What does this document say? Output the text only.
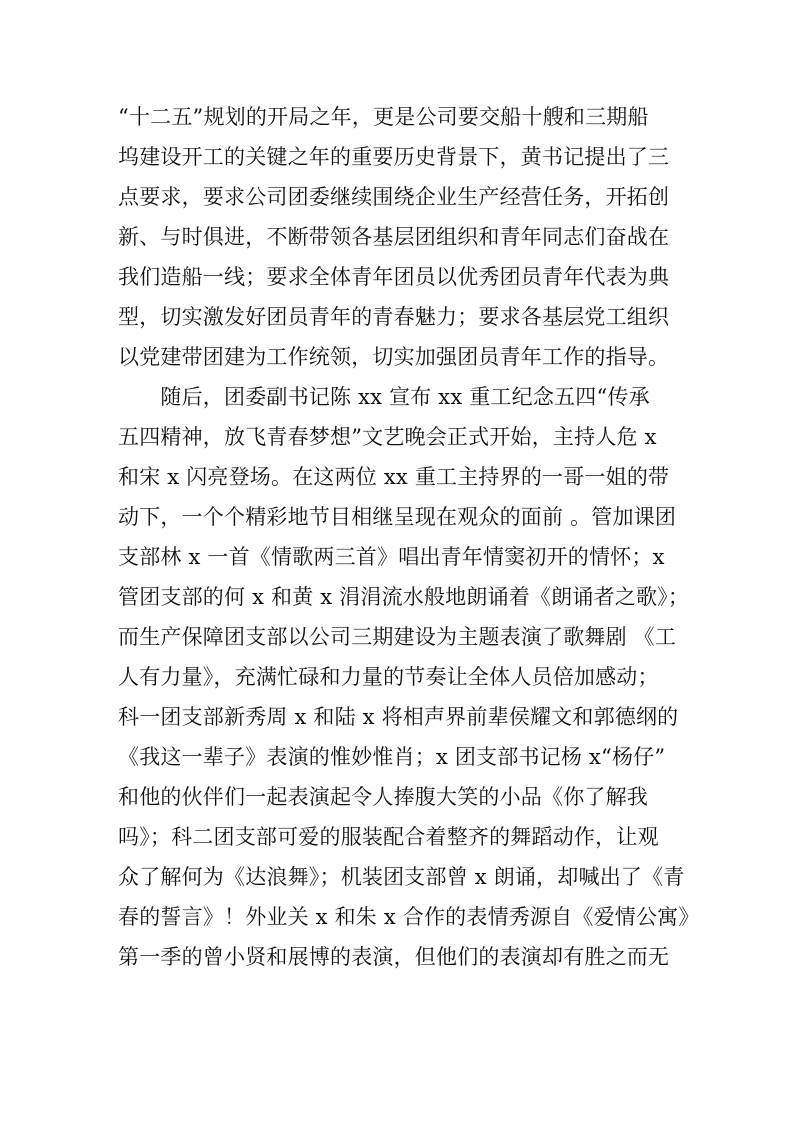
“十二五”规划的开局之年，更是公司要交船十艘和三期船
坞建设开工的关键之年的重要历史背景下，黄书记提出了三
点要求，要求公司团委继续围绕企业生产经营任务，开拓创
新、与时俱进，不断带领各基层团组织和青年同志们奋战在
我们造船一线；要求全体青年团员以优秀团员青年代表为典
型，切实激发好团员青年的青春魅力；要求各基层党工组织
以党建带团建为工作统领，切实加强团员青年工作的指导。
　　随后，团委副书记陈 xx 宣布 xx 重工纪念五四“传承
五四精神，放飞青春梦想”文艺晚会正式开始，主持人危 x
和宋 x 闪亮登场。在这两位 xx 重工主持界的一哥一姐的带
动下，一个个精彩地节目相继呈现在观众的面前 。管加课团
支部林 x 一首《情歌两三首》唱出青年情窦初开的情怀；x
管团支部的何 x 和黄 x 涓涓流水般地朗诵着《朗诵者之歌》；
而生产保障团支部以公司三期建设为主题表演了歌舞剧 《工
人有力量》，充满忙碌和力量的节奏让全体人员倍加感动；
科一团支部新秀周 x 和陆 x 将相声界前辈侯耀文和郭德纲的
《我这一辈子》表演的惟妙惟肖；x 团支部书记杨 x“杨仔”
和他的伙伴们一起表演起令人捧腹大笑的小品《你了解我
吗》；科二团支部可爱的服装配合着整齐的舞蹈动作，让观
众了解何为《达浪舞》；机装团支部曾 x 朗诵，却喊出了《青
春的誓言》！外业关 x 和朱 x 合作的表情秀源自《爱情公寓》
第一季的曾小贤和展博的表演，但他们的表演却有胜之而无
